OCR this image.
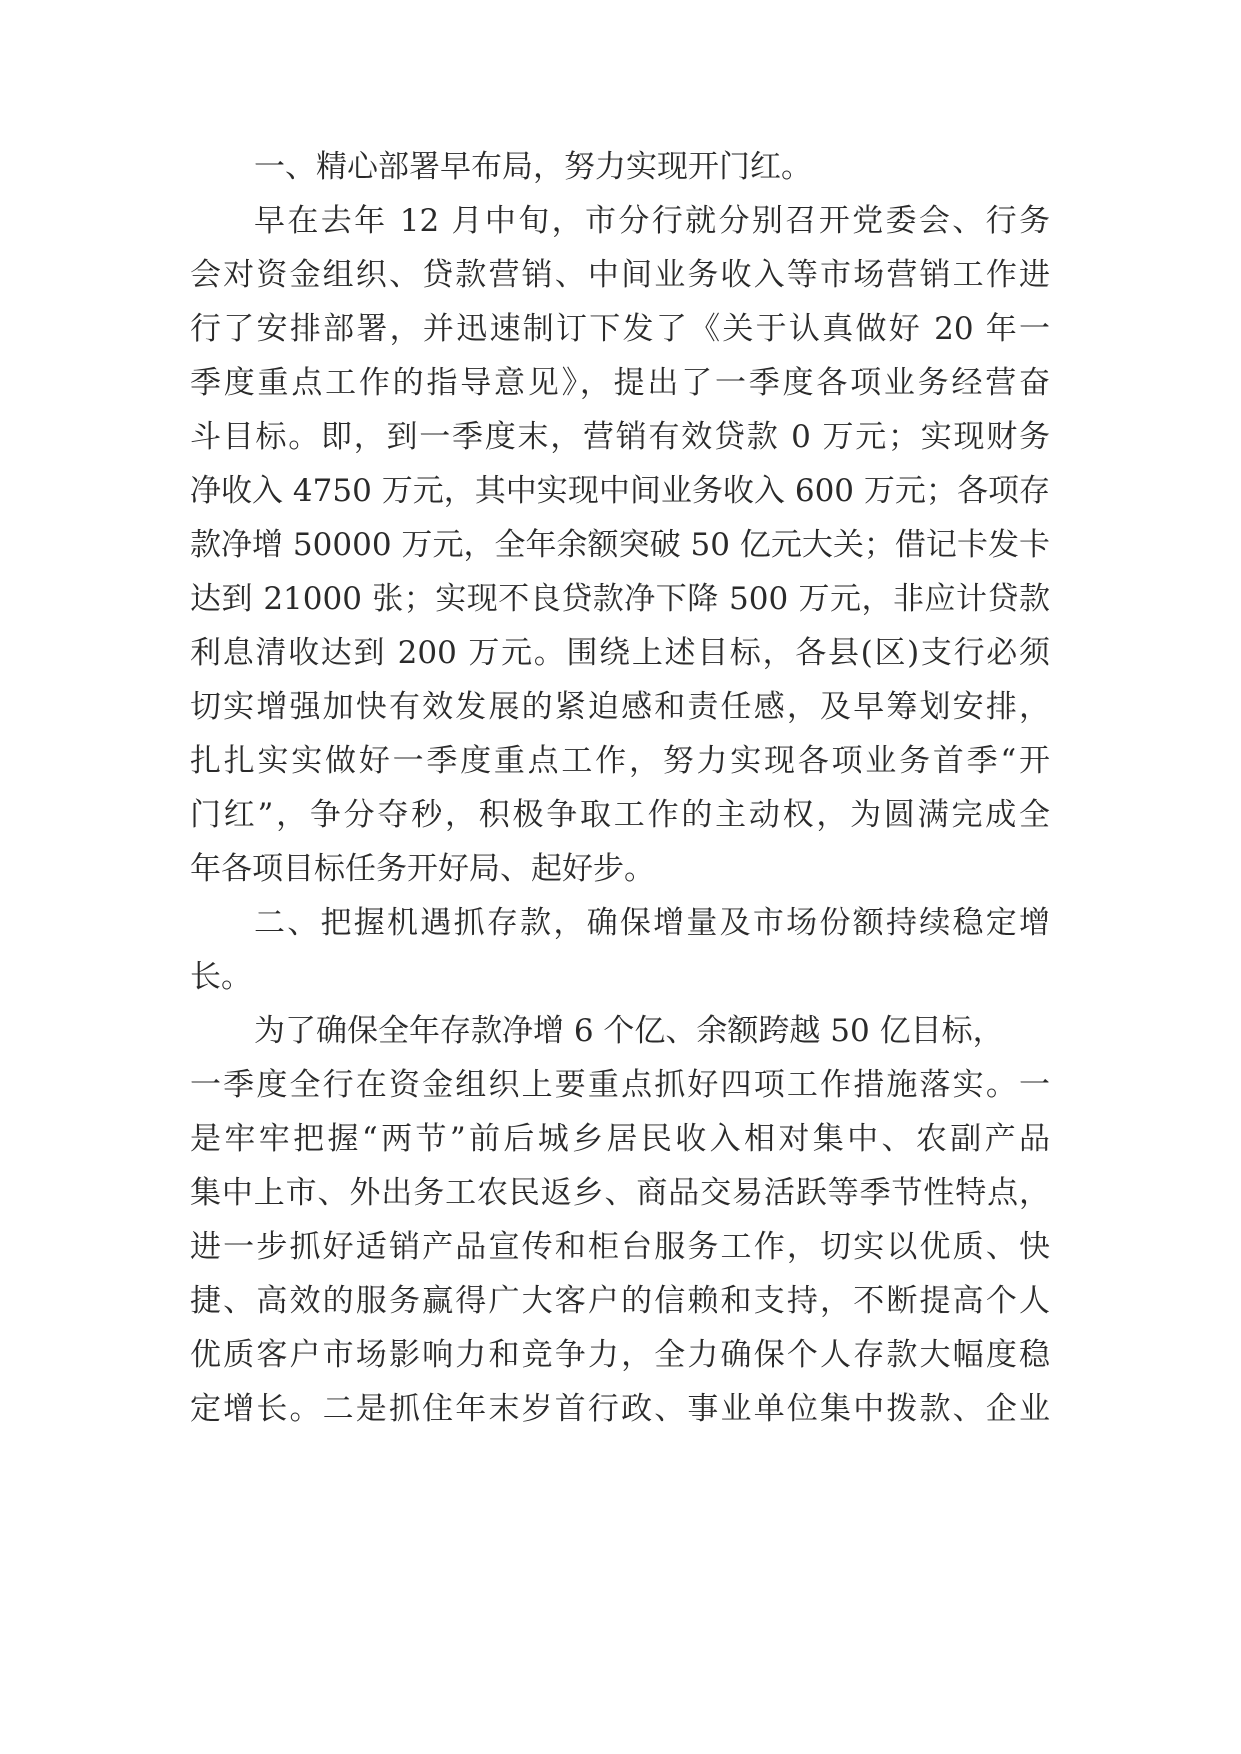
一、精心部署早布局，努力实现开门红。

早在去年 12 月中旬，市分行就分别召开党委会、行务

会对资金组织、贷款营销、中间业务收入等市场营销工作进

行了安排部署，并迅速制订下发了《关于认真做好 20 年一

季度重点工作的指导意见》，提出了一季度各项业务经营奋

斗目标。即，到一季度末，营销有效贷款 0 万元；实现财务

净收入 4750 万元，其中实现中间业务收入 600 万元；各项存

款净增 50000 万元，全年余额突破 50 亿元大关；借记卡发卡

达到 21000 张；实现不良贷款净下降 500 万元，非应计贷款

利息清收达到 200 万元。围绕上述目标，各县(区)支行必须

切实增强加快有效发展的紧迫感和责任感，及早筹划安排，

扎扎实实做好一季度重点工作，努力实现各项业务首季“开

门红”，争分夺秒，积极争取工作的主动权，为圆满完成全

年各项目标任务开好局、起好步。

二、把握机遇抓存款，确保增量及市场份额持续稳定增

长。

为了确保全年存款净增 6 个亿、余额跨越 50 亿目标，

一季度全行在资金组织上要重点抓好四项工作措施落实。一

是牢牢把握“两节”前后城乡居民收入相对集中、农副产品

集中上市、外出务工农民返乡、商品交易活跃等季节性特点，

进一步抓好适销产品宣传和柜台服务工作，切实以优质、快

捷、高效的服务赢得广大客户的信赖和支持，不断提高个人

优质客户市场影响力和竞争力，全力确保个人存款大幅度稳

定增长。二是抓住年末岁首行政、事业单位集中拨款、企业
